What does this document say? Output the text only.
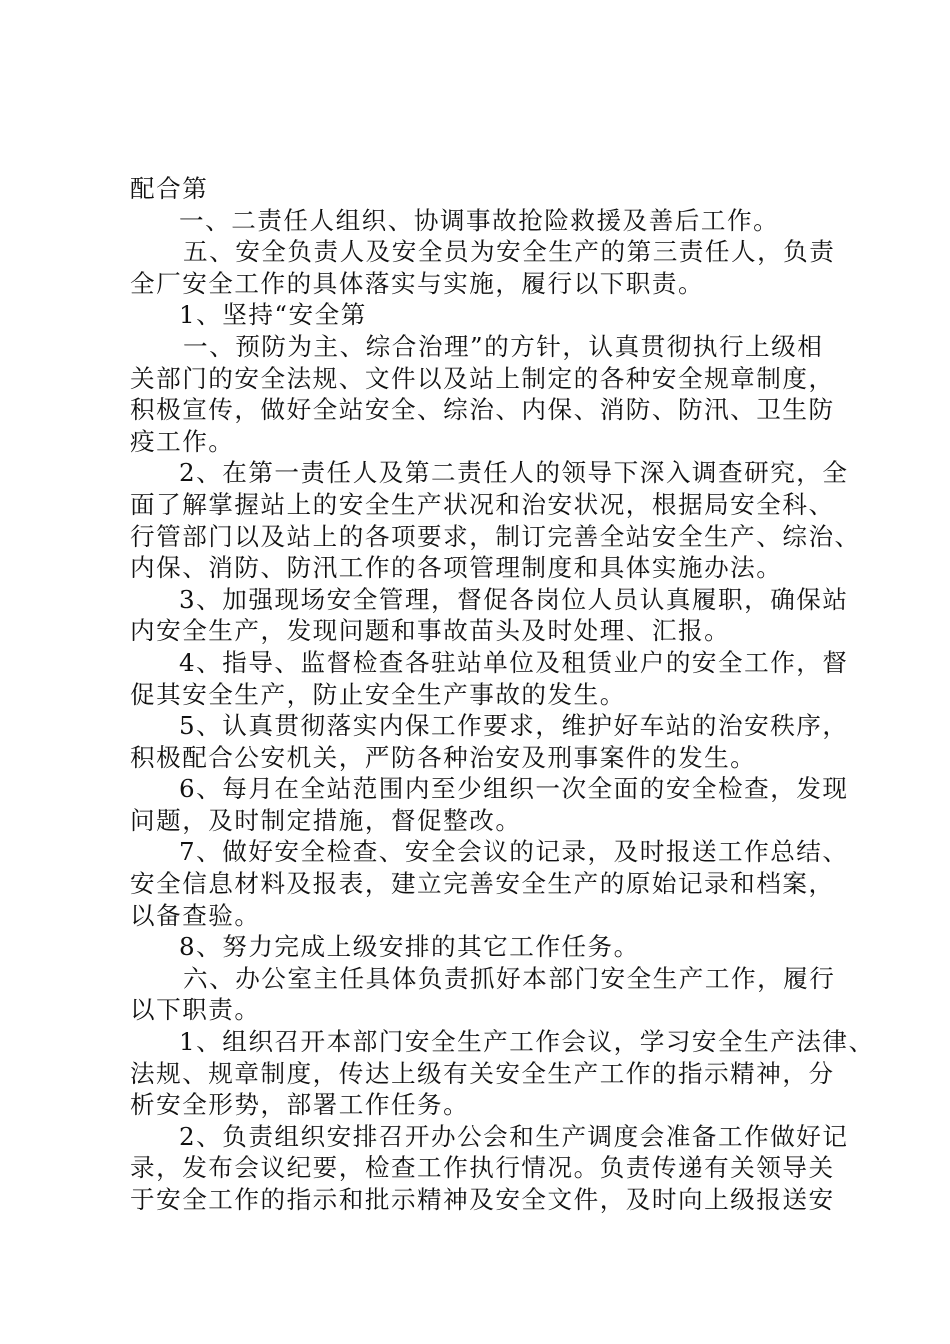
配合第
一、二责任人组织、协调事故抢险救援及善后工作。
五、安全负责人及安全员为安全生产的第三责任人，负责
全厂安全工作的具体落实与实施，履行以下职责。
1、坚持“安全第
一、预防为主、综合治理”的方针，认真贯彻执行上级相
关部门的安全法规、文件以及站上制定的各种安全规章制度，
积极宣传，做好全站安全、综治、内保、消防、防汛、卫生防
疫工作。
2、在第一责任人及第二责任人的领导下深入调查研究，全
面了解掌握站上的安全生产状况和治安状况，根据局安全科、
行管部门以及站上的各项要求，制订完善全站安全生产、综治、
内保、消防、防汛工作的各项管理制度和具体实施办法。
3、加强现场安全管理，督促各岗位人员认真履职，确保站
内安全生产，发现问题和事故苗头及时处理、汇报。
4、指导、监督检查各驻站单位及租赁业户的安全工作，督
促其安全生产，防止安全生产事故的发生。
5、认真贯彻落实内保工作要求，维护好车站的治安秩序，
积极配合公安机关，严防各种治安及刑事案件的发生。
6、每月在全站范围内至少组织一次全面的安全检查，发现
问题，及时制定措施，督促整改。
7、做好安全检查、安全会议的记录，及时报送工作总结、
安全信息材料及报表，建立完善安全生产的原始记录和档案，
以备查验。
8、努力完成上级安排的其它工作任务。
六、办公室主任具体负责抓好本部门安全生产工作，履行
以下职责。
1、组织召开本部门安全生产工作会议，学习安全生产法律、
法规、规章制度，传达上级有关安全生产工作的指示精神，分
析安全形势，部署工作任务。
2、负责组织安排召开办公会和生产调度会准备工作做好记
录，发布会议纪要，检查工作执行情况。负责传递有关领导关
于安全工作的指示和批示精神及安全文件，及时向上级报送安
